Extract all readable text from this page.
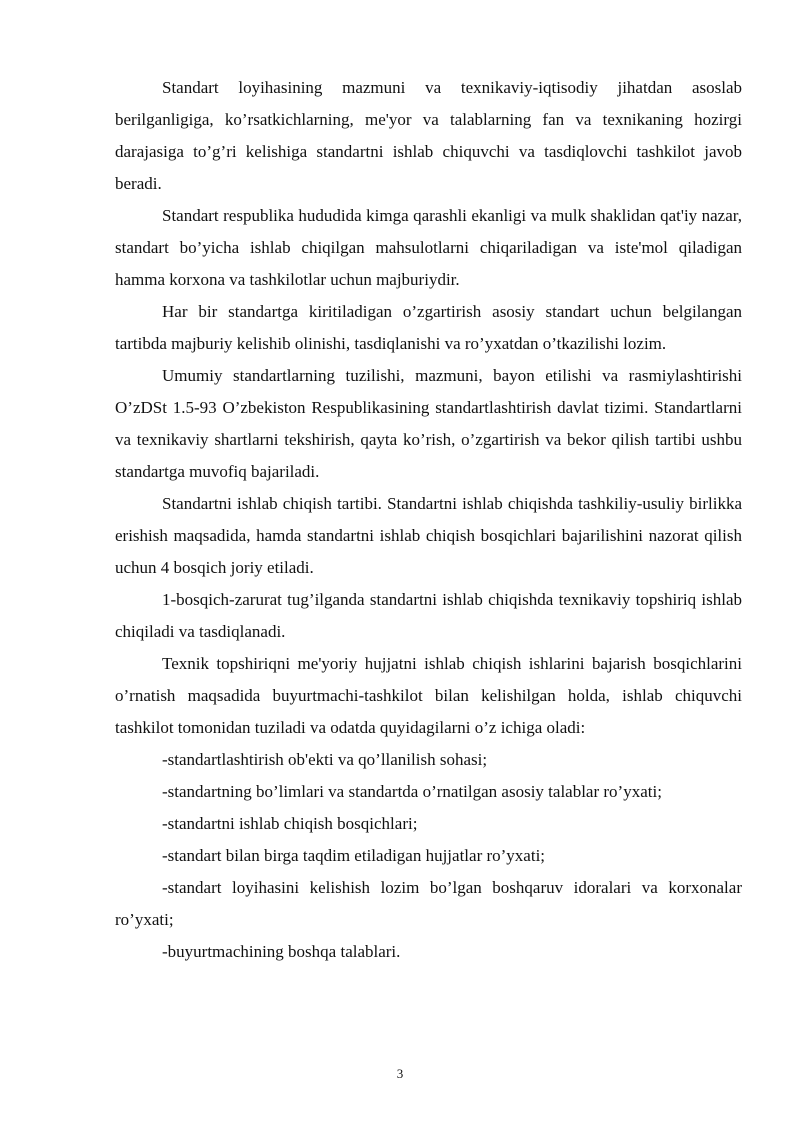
Standart loyihasining mazmuni va texnikaviy-iqtisodiy jihatdan asoslab berilganligiga, ko’rsatkichlarning, me'yor va talablarning fan va texnikaning hozirgi darajasiga to’g’ri kelishiga standartni ishlab chiquvchi va tasdiqlovchi tashkilot javob beradi.

Standart respublika hududida kimga qarashli ekanligi va mulk shaklidan qat'iy nazar, standart bo’yicha ishlab chiqilgan mahsulotlarni chiqariladigan va iste'mol qiladigan hamma korxona va tashkilotlar uchun majburiydir.

Har bir standartga kiritiladigan o’zgartirish asosiy standart uchun belgilangan tartibda majburiy kelishib olinishi, tasdiqlanishi va ro’yxatdan o’tkazilishi lozim.

Umumiy standartlarning tuzilishi, mazmuni, bayon etilishi va rasmiylashtirishi O’zDSt 1.5-93 O’zbekiston Respublikasining standartlashtirish davlat tizimi. Standartlarni va texnikaviy shartlarni tekshirish, qayta ko’rish, o’zgartirish va bekor qilish tartibi ushbu standartga muvofiq bajariladi.

Standartni ishlab chiqish tartibi. Standartni ishlab chiqishda tashkiliy-usuliy birlikka erishish maqsadida, hamda standartni ishlab chiqish bosqichlari bajarilishini nazorat qilish uchun 4 bosqich joriy etiladi.

1-bosqich-zarurat tug’ilganda standartni ishlab chiqishda texnikaviy topshiriq ishlab chiqiladi va tasdiqlanadi.

Texnik topshiriqni me'yoriy hujjatni ishlab chiqish ishlarini bajarish bosqichlarini o’rnatish maqsadida buyurtmachi-tashkilot bilan kelishilgan holda, ishlab chiquvchi tashkilot tomonidan tuziladi va odatda quyidagilarni o’z ichiga oladi:

-standartlashtirish ob'ekti va qo’llanilish sohasi;

-standartning bo’limlari va standartda o’rnatilgan asosiy talablar ro’yxati;

-standartni ishlab chiqish bosqichlari;

-standart bilan birga taqdim etiladigan hujjatlar ro’yxati;

-standart loyihasini kelishish lozim bo’lgan boshqaruv idoralari va korxonalar ro’yxati;

-buyurtmachining boshqa talablari.

3
